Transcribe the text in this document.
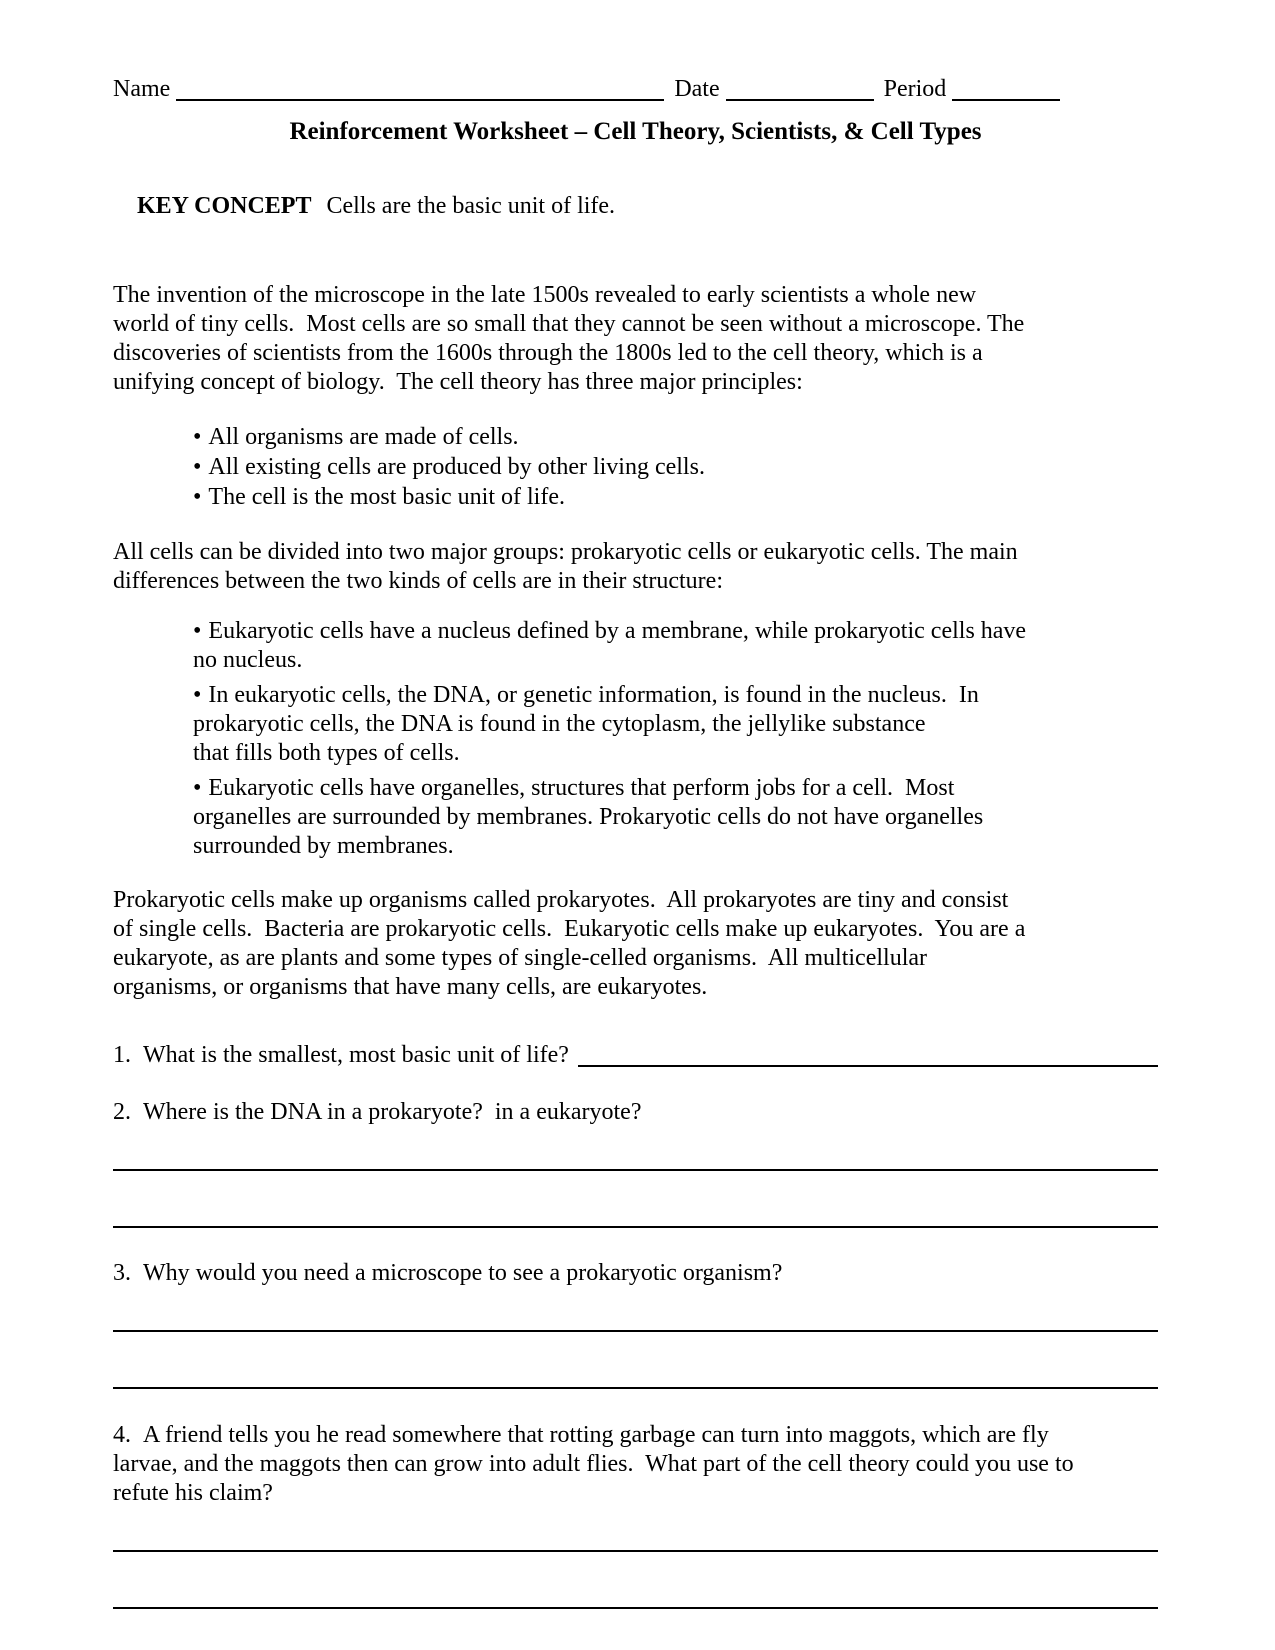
Name	Date	Period
Reinforcement Worksheet – Cell Theory, Scientists, & Cell Types

KEY CONCEPT Cells are the basic unit of life.

The invention of the microscope in the late 1500s revealed to early scientists a whole new
world of tiny cells.  Most cells are so small that they cannot be seen without a microscope. The
discoveries of scientists from the 1600s through the 1800s led to the cell theory, which is a
unifying concept of biology.  The cell theory has three major principles:
• All organisms are made of cells.
• All existing cells are produced by other living cells.
• The cell is the most basic unit of life.
All cells can be divided into two major groups: prokaryotic cells or eukaryotic cells. The main
differences between the two kinds of cells are in their structure:
• Eukaryotic cells have a nucleus defined by a membrane, while prokaryotic cells have
no nucleus.
• In eukaryotic cells, the DNA, or genetic information, is found in the nucleus.  In
prokaryotic cells, the DNA is found in the cytoplasm, the jellylike substance
that fills both types of cells.
• Eukaryotic cells have organelles, structures that perform jobs for a cell.  Most
organelles are surrounded by membranes. Prokaryotic cells do not have organelles
surrounded by membranes.
Prokaryotic cells make up organisms called prokaryotes.  All prokaryotes are tiny and consist
of single cells.  Bacteria are prokaryotic cells.  Eukaryotic cells make up eukaryotes.  You are a
eukaryote, as are plants and some types of single-celled organisms.  All multicellular
organisms, or organisms that have many cells, are eukaryotes.
1. What is the smallest, most basic unit of life?
2. Where is the DNA in a prokaryote?  in a eukaryote?
3. Why would you need a microscope to see a prokaryotic organism?
4. A friend tells you he read somewhere that rotting garbage can turn into maggots, which are fly
larvae, and the maggots then can grow into adult flies.  What part of the cell theory could you use to
refute his claim?
